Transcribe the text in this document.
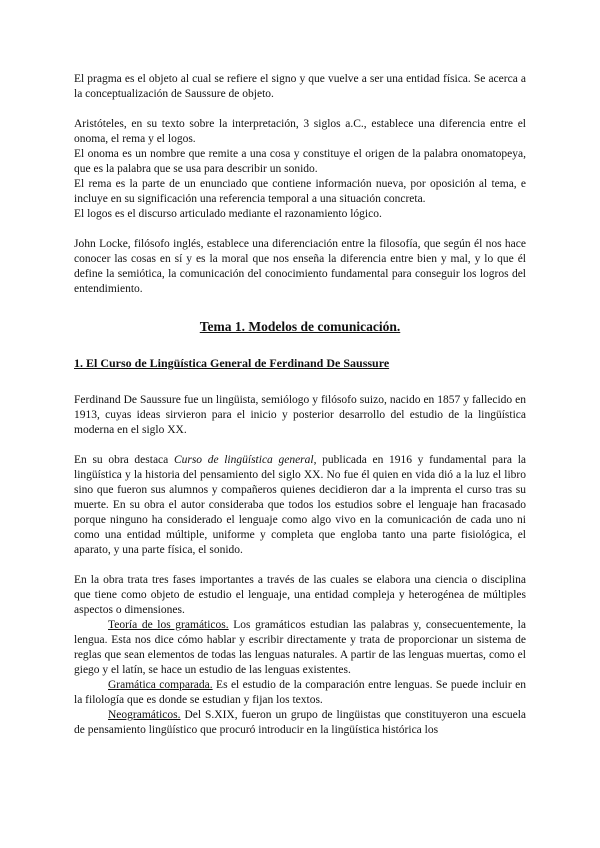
El pragma es el objeto al cual se refiere el signo y que vuelve a ser una entidad física. Se acerca a la conceptualización de Saussure de objeto.

Aristóteles, en su texto sobre la interpretación, 3 siglos a.C., establece una diferencia entre el onoma, el rema y el logos.

El onoma es un nombre que remite a una cosa y constituye el origen de la palabra onomatopeya, que es la palabra que se usa para describir un sonido.

El rema es la parte de un enunciado que contiene información nueva, por oposición al tema, e incluye en su significación una referencia temporal a una situación concreta.

El logos es el discurso articulado mediante el razonamiento lógico.

John Locke, filósofo inglés, establece una diferenciación entre la filosofía, que según él nos hace conocer las cosas en sí y es la moral que nos enseña la diferencia entre bien y mal, y lo que él define la semiótica, la comunicación del conocimiento fundamental para conseguir los logros del entendimiento.

Tema 1. Modelos de comunicación.

1. El Curso de Lingüística General de Ferdinand De Saussure

Ferdinand De Saussure fue un lingüista, semiólogo y filósofo suizo, nacido en 1857 y fallecido en 1913, cuyas ideas sirvieron para el inicio y posterior desarrollo del estudio de la lingüística moderna en el siglo XX.

En su obra destaca Curso de lingüística general, publicada en 1916 y fundamental para la lingüística y la historia del pensamiento del siglo XX. No fue él quien en vida dió a la luz el libro sino que fueron sus alumnos y compañeros quienes decidieron dar a la imprenta el curso tras su muerte. En su obra el autor consideraba que todos los estudios sobre el lenguaje han fracasado porque ninguno ha considerado el lenguaje como algo vivo en la comunicación de cada uno ni como una entidad múltiple, uniforme y completa que engloba tanto una parte fisiológica, el aparato, y una parte física, el sonido.

En la obra trata tres fases importantes a través de las cuales se elabora una ciencia o disciplina que tiene como objeto de estudio el lenguaje, una entidad compleja y heterogénea de múltiples aspectos o dimensiones.

Teoría de los gramáticos. Los gramáticos estudian las palabras y, consecuentemente, la lengua. Esta nos dice cómo hablar y escribir directamente y trata de proporcionar un sistema de reglas que sean elementos de todas las lenguas naturales. A partir de las lenguas muertas, como el giego y el latín, se hace un estudio de las lenguas existentes.

Gramática comparada. Es el estudio de la comparación entre lenguas. Se puede incluir en la filología que es donde se estudian y fijan los textos.

Neogramáticos. Del S.XIX, fueron un grupo de lingüistas que constituyeron una escuela de pensamiento lingüístico que procuró introducir en la lingüística histórica los
